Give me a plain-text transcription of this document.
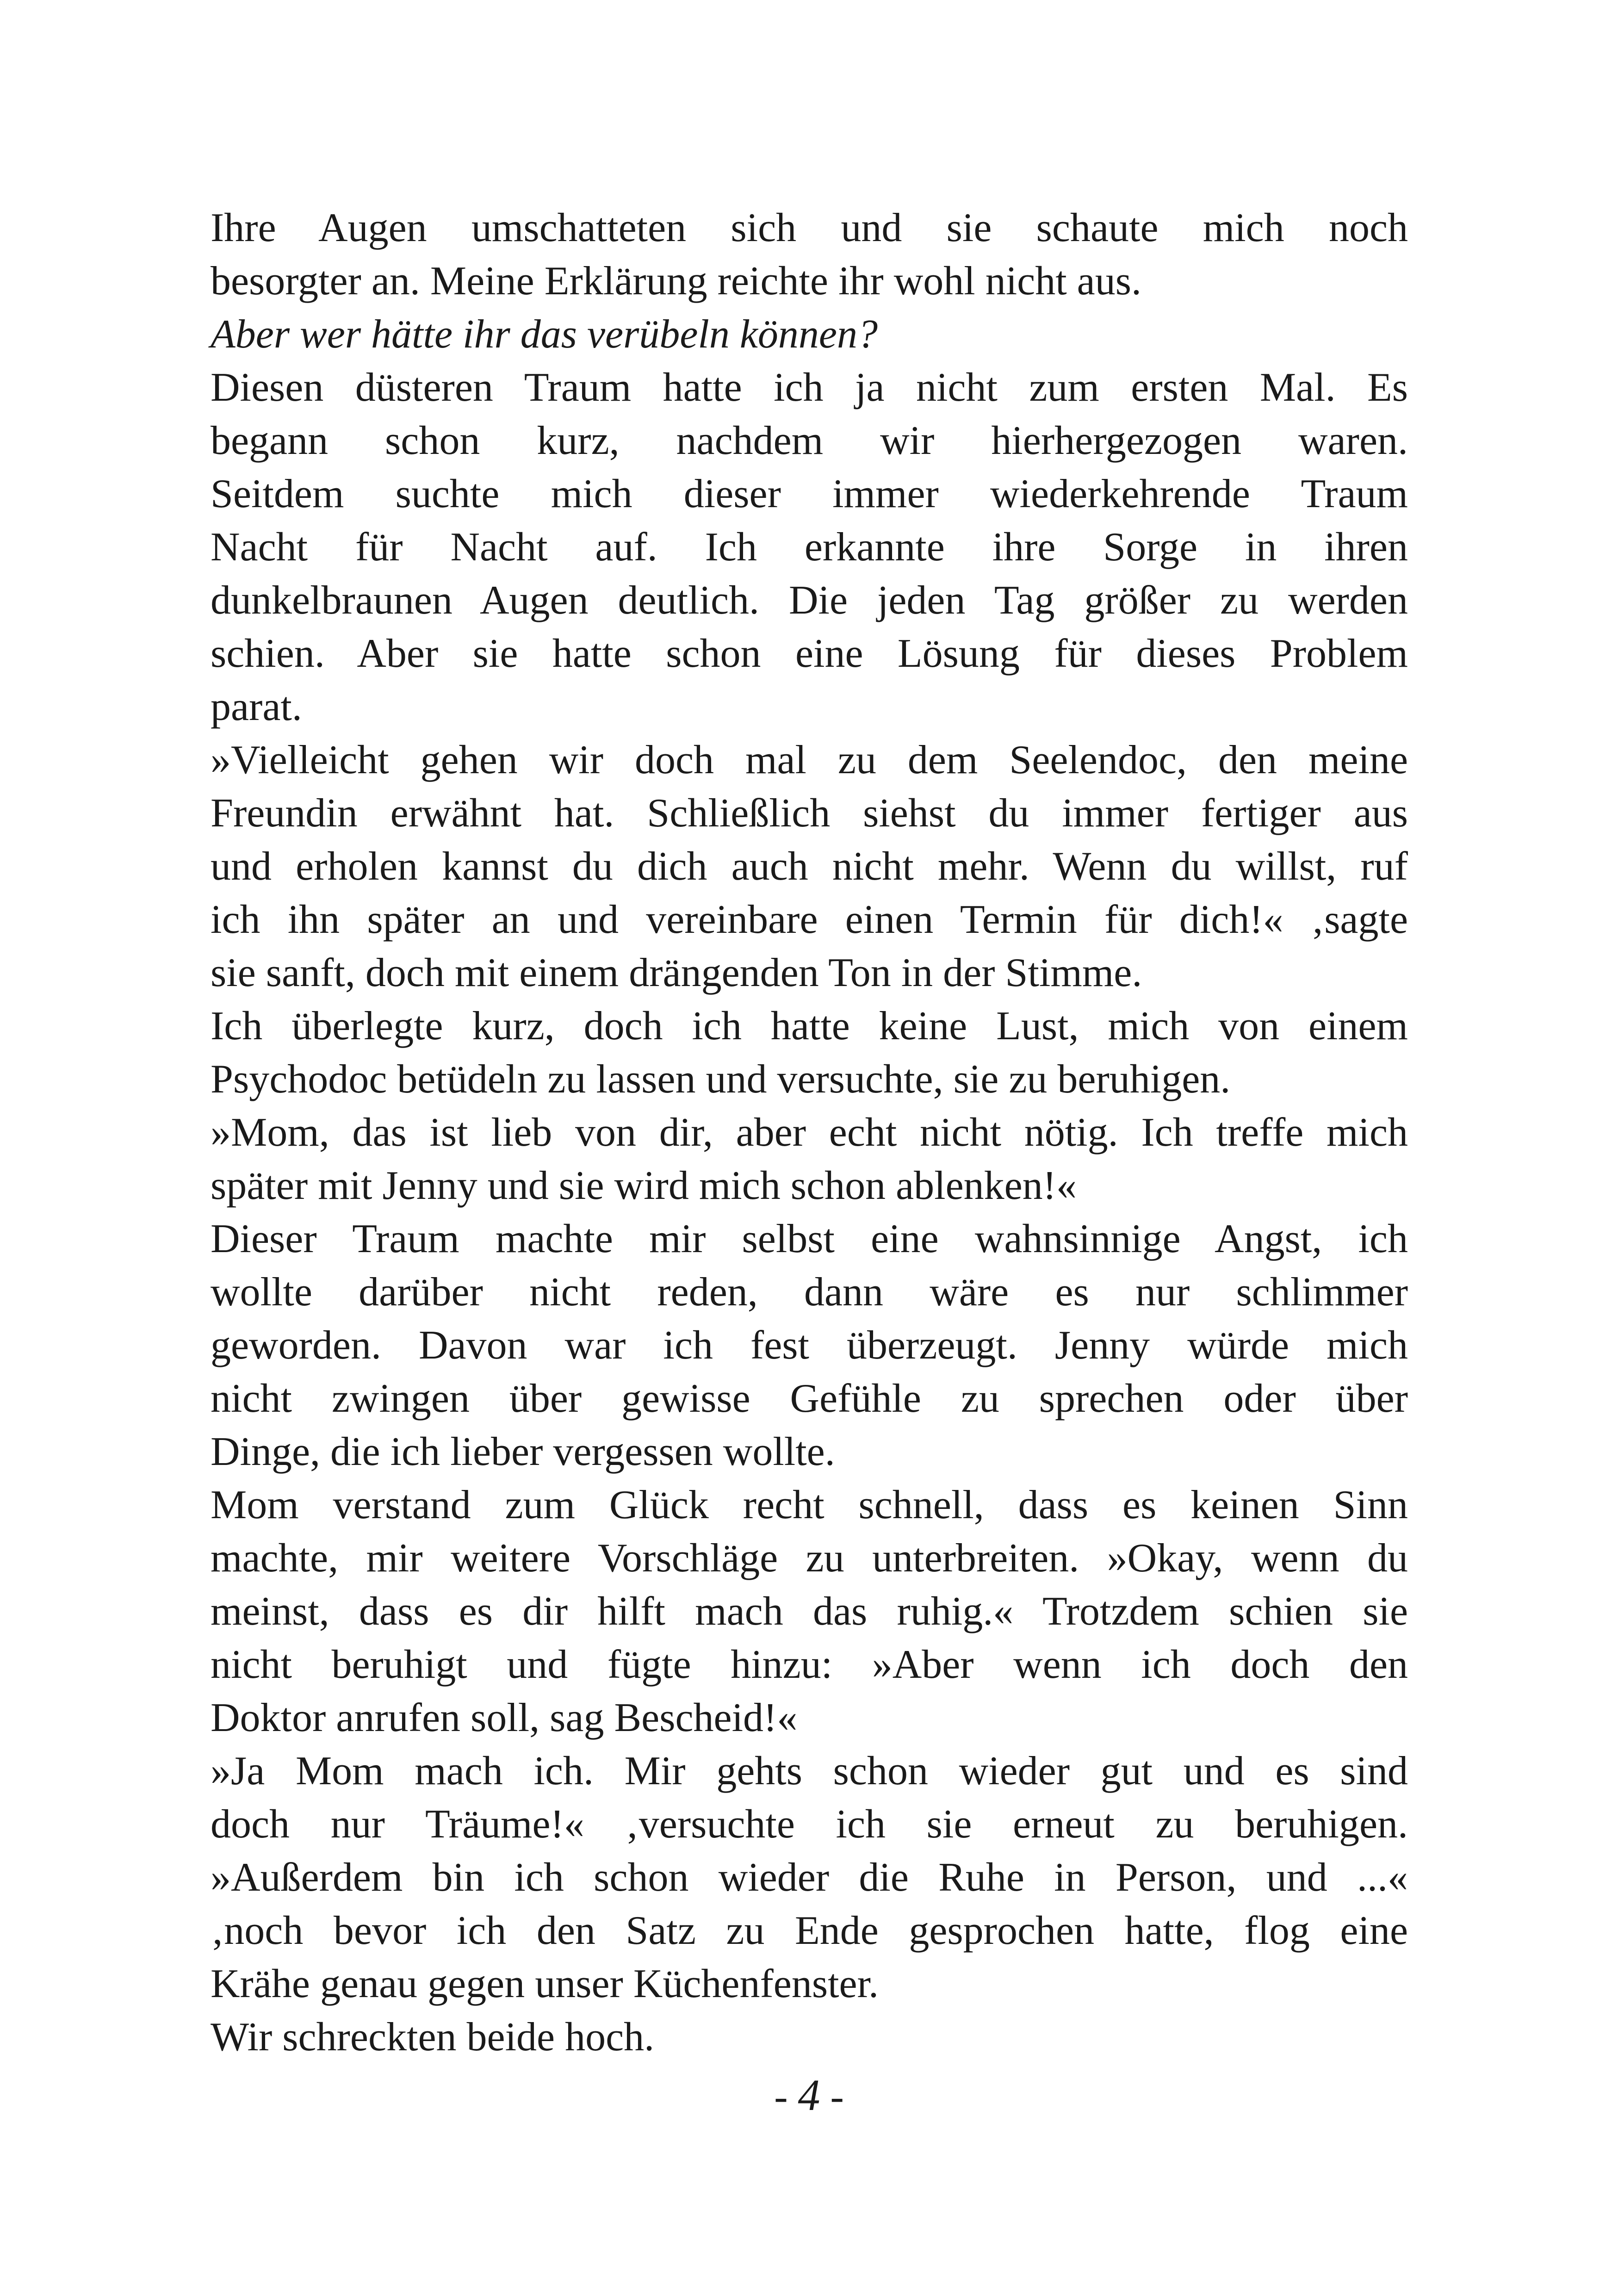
Ihre Augen umschatteten sich und sie schaute mich noch
besorgter an. Meine Erklärung reichte ihr wohl nicht aus.
Aber wer hätte ihr das verübeln können?
Diesen düsteren Traum hatte ich ja nicht zum ersten Mal. Es
begann schon kurz, nachdem wir hierhergezogen waren.
Seitdem suchte mich dieser immer wiederkehrende Traum
Nacht für Nacht auf. Ich erkannte ihre Sorge in ihren
dunkelbraunen Augen deutlich. Die jeden Tag größer zu werden
schien. Aber sie hatte schon eine Lösung für dieses Problem
parat.
»Vielleicht gehen wir doch mal zu dem Seelendoc, den meine
Freundin erwähnt hat. Schließlich siehst du immer fertiger aus
und erholen kannst du dich auch nicht mehr. Wenn du willst, ruf
ich ihn später an und vereinbare einen Termin für dich!« ‚sagte
sie sanft, doch mit einem drängenden Ton in der Stimme.
Ich überlegte kurz, doch ich hatte keine Lust, mich von einem
Psychodoc betüdeln zu lassen und versuchte, sie zu beruhigen.
»Mom, das ist lieb von dir, aber echt nicht nötig. Ich treffe mich
später mit Jenny und sie wird mich schon ablenken!«
Dieser Traum machte mir selbst eine wahnsinnige Angst, ich
wollte darüber nicht reden, dann wäre es nur schlimmer
geworden. Davon war ich fest überzeugt. Jenny würde mich
nicht zwingen über gewisse Gefühle zu sprechen oder über
Dinge, die ich lieber vergessen wollte.
Mom verstand zum Glück recht schnell, dass es keinen Sinn
machte, mir weitere Vorschläge zu unterbreiten. »Okay, wenn du
meinst, dass es dir hilft mach das ruhig.« Trotzdem schien sie
nicht beruhigt und fügte hinzu: »Aber wenn ich doch den
Doktor anrufen soll, sag Bescheid!«
»Ja Mom mach ich. Mir gehts schon wieder gut und es sind
doch nur Träume!« ‚versuchte ich sie erneut zu beruhigen.
»Außerdem bin ich schon wieder die Ruhe in Person, und ...«
‚noch bevor ich den Satz zu Ende gesprochen hatte, flog eine
Krähe genau gegen unser Küchenfenster.
Wir schreckten beide hoch.
- 4 -
